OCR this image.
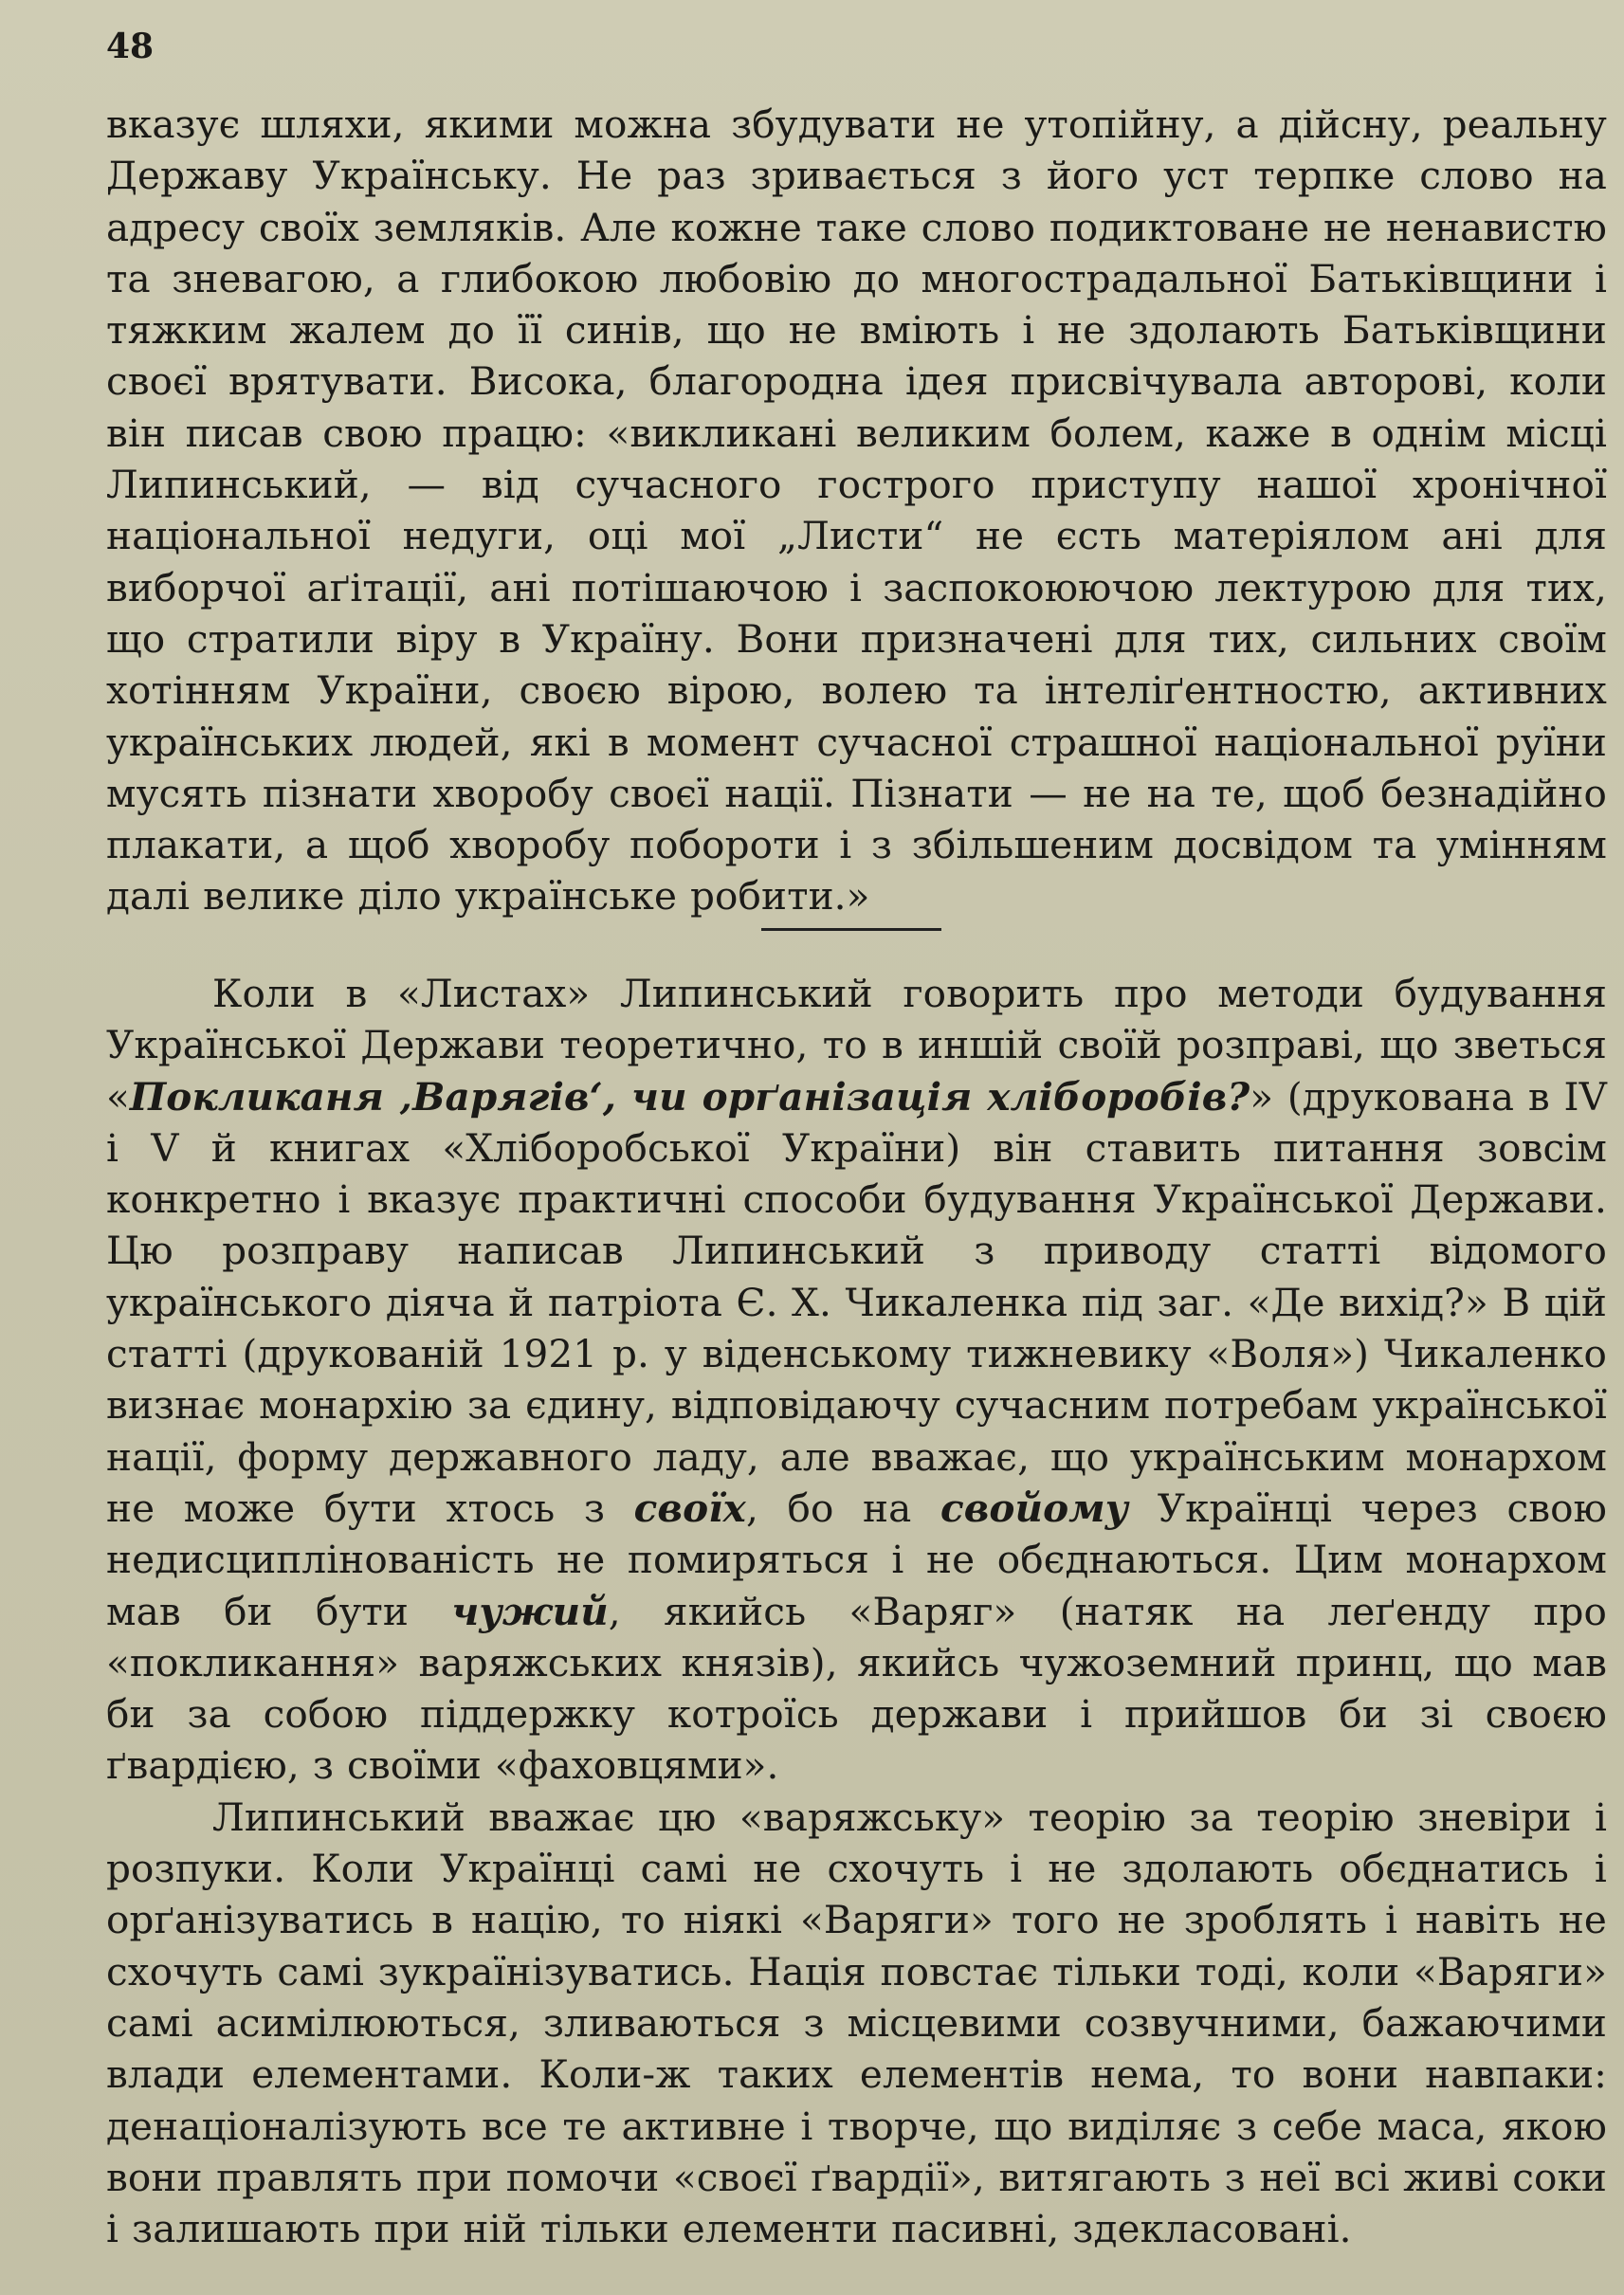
48

вказує шляхи, якими можна збудувати не утопійну, а дійсну, реальну Державу Українську. Не раз зривається з його уст терпке слово на адресу своїх земляків. Але кожне таке слово подиктоване не ненавистю та зневагою, а глибокою любовію до многострадальної Батьківщини і тяжким жалем до її синів, що не вміють і не здолають Батьківщини своєї врятувати. Висока, благородна ідея присвічувала авторові, коли він писав свою працю: «викликані великим болем, каже в однім місці Липинський, — від сучасного гострого приступу нашої хронічної національної недуги, оці мої „Листи“ не єсть матеріялом ані для виборчої аґітації, ані потішаючою і заспокоюючою лектурою для тих, що стратили віру в Україну. Вони призначені для тих, сильних своїм хотінням України, своєю вірою, волею та інтеліґентностю, активних українських людей, які в момент сучасної страшної національної руїни мусять пізнати хворобу своєї нації. Пізнати — не на те, щоб безнадійно плакати, а щоб хворобу побороти і з збільшеним досвідом та умінням далі велике діло українське робити.»

Коли в «Листах» Липинський говорить про методи будування Української Держави теоретично, то в иншій своїй розправі, що зветься «Покликаня ‚Варягів‘, чи орґанізація хліборобів?» (друкована в IV і V й книгах «Хліборобської України) він ставить питання зовсім конкретно і вказує практичні способи будування Української Держави. Цю розправу написав Липинський з приводу статті відомого українського діяча й патріота Є. Х. Чикаленка під заг. «Де вихід?» В цій статті (друкованій 1921 р. у віденському тижневику «Воля») Чикаленко визнає монархію за єдину, відповідаючу сучасним потребам української нації, форму державного ладу, але вважає, що українським монархом не може бути хтось з своїх, бо на свойому Українці через свою недисциплінованість не помиряться і не обєднаються. Цим монархом мав би бути чужий, якийсь «Варяг» (натяк на леґенду про «покликання» варяжських князів), якийсь чужоземний принц, що мав би за собою піддержку котроїсь держави і прийшов би зі своєю ґвардією, з своїми «фаховцями».

Липинський вважає цю «варяжську» теорію за теорію зневіри і розпуки. Коли Українці самі не схочуть і не здолають обєднатись і орґанізуватись в націю, то ніякі «Варяги» того не зроблять і навіть не схочуть самі зукраїнізуватись. Нація повстає тільки тоді, коли «Варяги» самі асимілюються, зливаються з місцевими созвучними, бажаючими влади елементами. Коли-ж таких елементів нема, то вони навпаки: денаціоналізують все те активне і творче, що виділяє з себе маса, якою вони правлять при помочи «своєї ґвардії», витягають з неї всі живі соки і залишають при ній тільки елементи пасивні, здекласовані.
